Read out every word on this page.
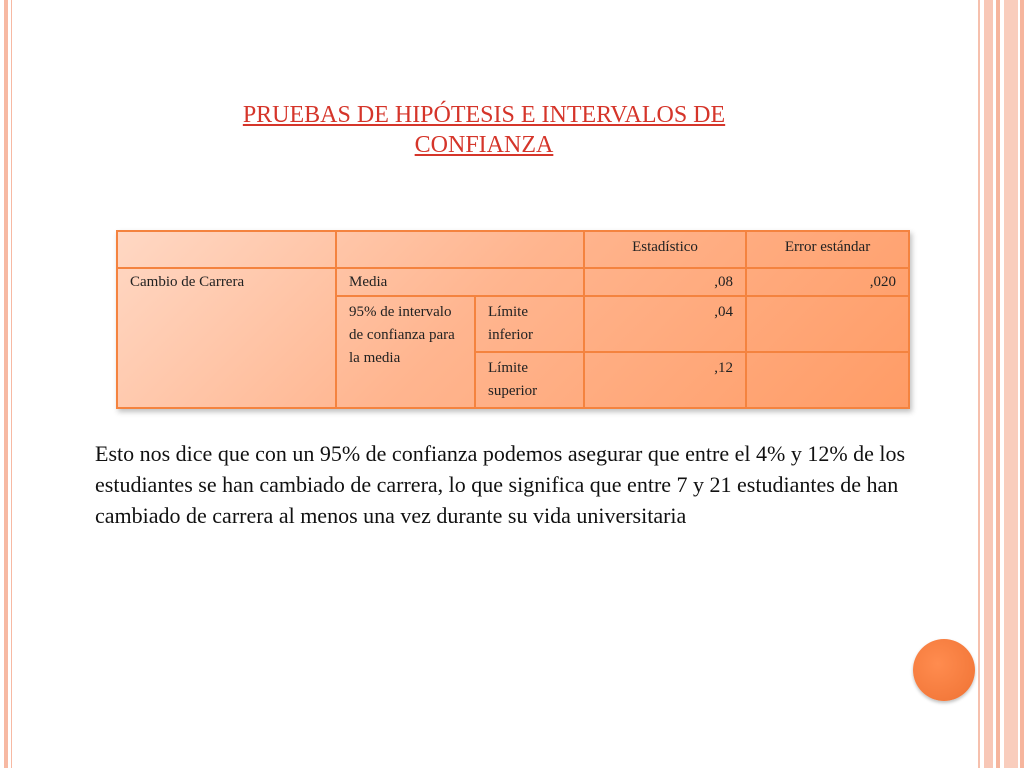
PRUEBAS DE HIPÓTESIS E INTERVALOS DE
CONFIANZA
			Estadístico	Error estándar
Cambio de Carrera	Media		,08	,020
	95% de intervalo de confianza para la media	Límite inferior	,04	
		Límite superior	,12	
Esto nos dice que con un 95% de confianza podemos asegurar que entre el 4% y 12% de los estudiantes se han cambiado de carrera, lo que significa que entre 7 y 21 estudiantes de han cambiado de carrera al menos una vez durante su vida universitaria
